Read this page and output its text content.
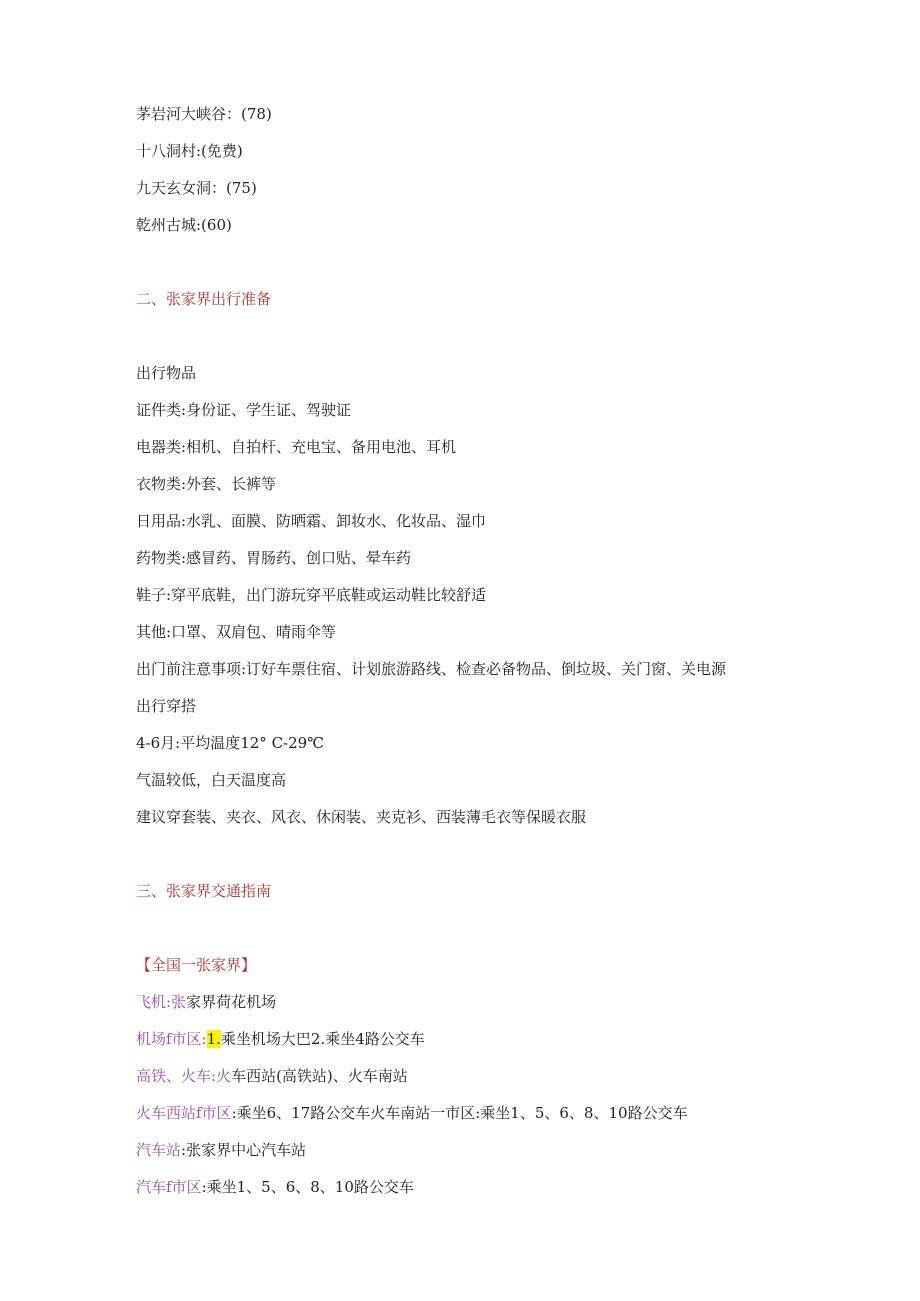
茅岩河大峡谷：(78)
十八洞村:(免费)
九天玄女洞：(75)
乾州古城:(60)
二、张家界出行准备
出行物品
证件类:身份证、学生证、驾驶证
电器类:相机、自拍杆、充电宝、备用电池、耳机
衣物类:外套、长裤等
日用品:水乳、面膜、防晒霜、卸妆水、化妆品、湿巾
药物类:感冒药、胃肠药、创口贴、晕车药
鞋子:穿平底鞋，出门游玩穿平底鞋或运动鞋比较舒适
其他:口罩、双肩包、晴雨伞等
出门前注意事项:订好车票住宿、计划旅游路线、检查必备物品、倒垃圾、关门窗、关电源
出行穿搭
4-6月:平均温度12° C-29℃
气温较低，白天温度高
建议穿套装、夹衣、风衣、休闲装、夹克衫、西装薄毛衣等保暖衣服
三、张家界交通指南
【全国一张家界】
飞机:张家界荷花机场
机场f市区:1.乘坐机场大巴2.乘坐4路公交车
高铁、火车:火车西站(高铁站)、火车南站
火车西站f市区:乘坐6、17路公交车火车南站一市区:乘坐1、5、6、8、10路公交车
汽车站:张家界中心汽车站
汽车f市区:乘坐1、5、6、8、10路公交车
